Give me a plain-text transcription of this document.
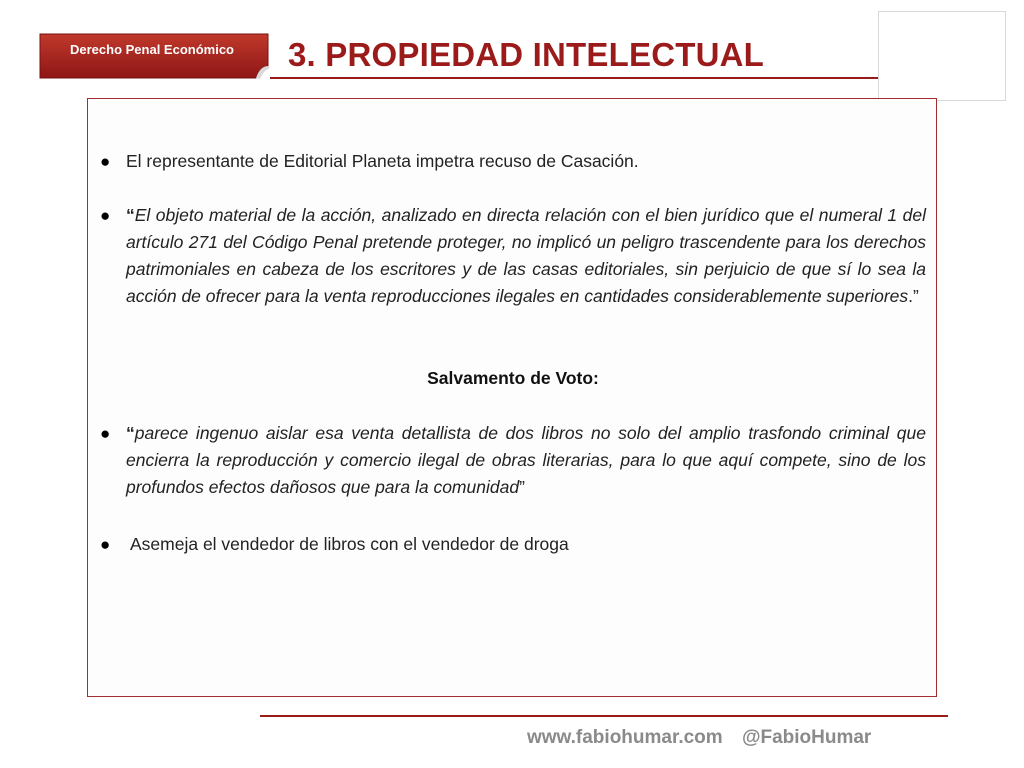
Derecho Penal Económico	3. PROPIEDAD INTELECTUAL
● El representante de Editorial Planeta impetra recuso de Casación.
● “El objeto material de la acción, analizado en directa relación con el bien jurídico que el numeral 1 del artículo 271 del Código Penal pretende proteger, no implicó un peligro trascendente para los derechos patrimoniales en cabeza de los escritores y de las casas editoriales, sin perjuicio de que sí lo sea la acción de ofrecer para la venta reproducciones ilegales en cantidades considerablemente superiores.”
Salvamento de Voto:
● “parece ingenuo aislar esa venta detallista de dos libros no solo del amplio trasfondo criminal que encierra la reproducción y comercio ilegal de obras literarias, para lo que aquí compete, sino de los profundos efectos dañosos que para la comunidad”
● Asemeja el vendedor de libros con el vendedor de droga
www.fabiohumar.com @FabioHumar
